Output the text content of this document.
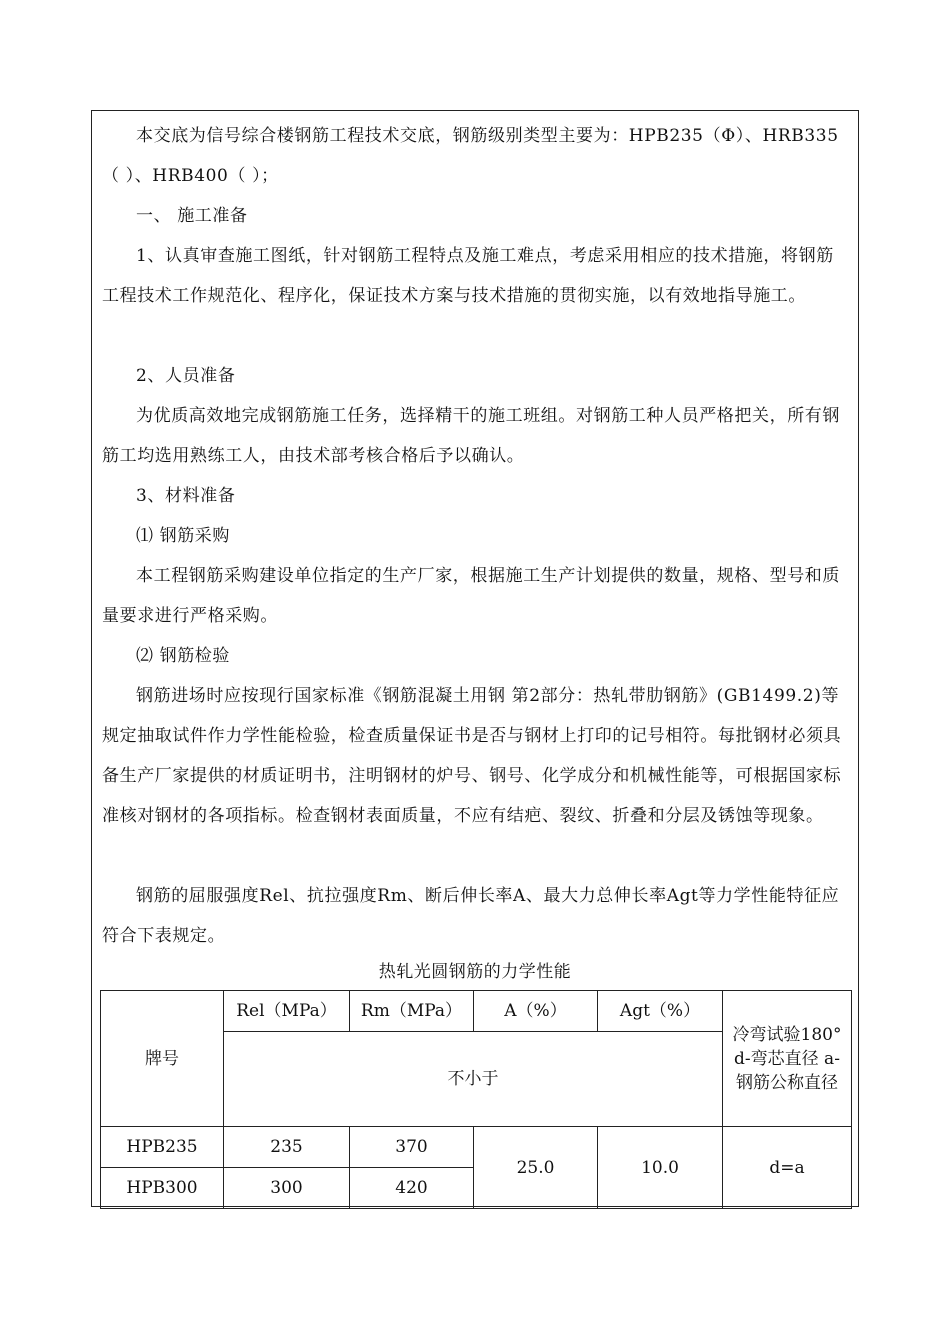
本交底为信号综合楼钢筋工程技术交底，钢筋级别类型主要为：HPB235（Φ）、HRB335（ ）、HRB400（ ）；

一、 施工准备

1、认真审查施工图纸，针对钢筋工程特点及施工难点，考虑采用相应的技术措施，将钢筋工程技术工作规范化、程序化，保证技术方案与技术措施的贯彻实施，以有效地指导施工。

2、人员准备

为优质高效地完成钢筋施工任务，选择精干的施工班组。对钢筋工种人员严格把关，所有钢筋工均选用熟练工人，由技术部考核合格后予以确认。

3、材料准备

⑴ 钢筋采购

本工程钢筋采购建设单位指定的生产厂家，根据施工生产计划提供的数量，规格、型号和质量要求进行严格采购。

⑵ 钢筋检验

钢筋进场时应按现行国家标准《钢筋混凝土用钢 第2部分：热轧带肋钢筋》(GB1499.2)等规定抽取试件作力学性能检验，检查质量保证书是否与钢材上打印的记号相符。每批钢材必须具备生产厂家提供的材质证明书，注明钢材的炉号、钢号、化学成分和机械性能等，可根据国家标准核对钢材的各项指标。检查钢材表面质量，不应有结疤、裂纹、折叠和分层及锈蚀等现象。

钢筋的屈服强度Rel、抗拉强度Rm、断后伸长率A、最大力总伸长率Agt等力学性能特征应符合下表规定。

热轧光圆钢筋的力学性能
牌号	Rel（MPa）	Rm（MPa）	A（%）	Agt（%）	冷弯试验180° d-弯芯直径 a-钢筋公称直径
	不小于				
HPB235	235	370	25.0	10.0	d=a
HPB300	300	420			
